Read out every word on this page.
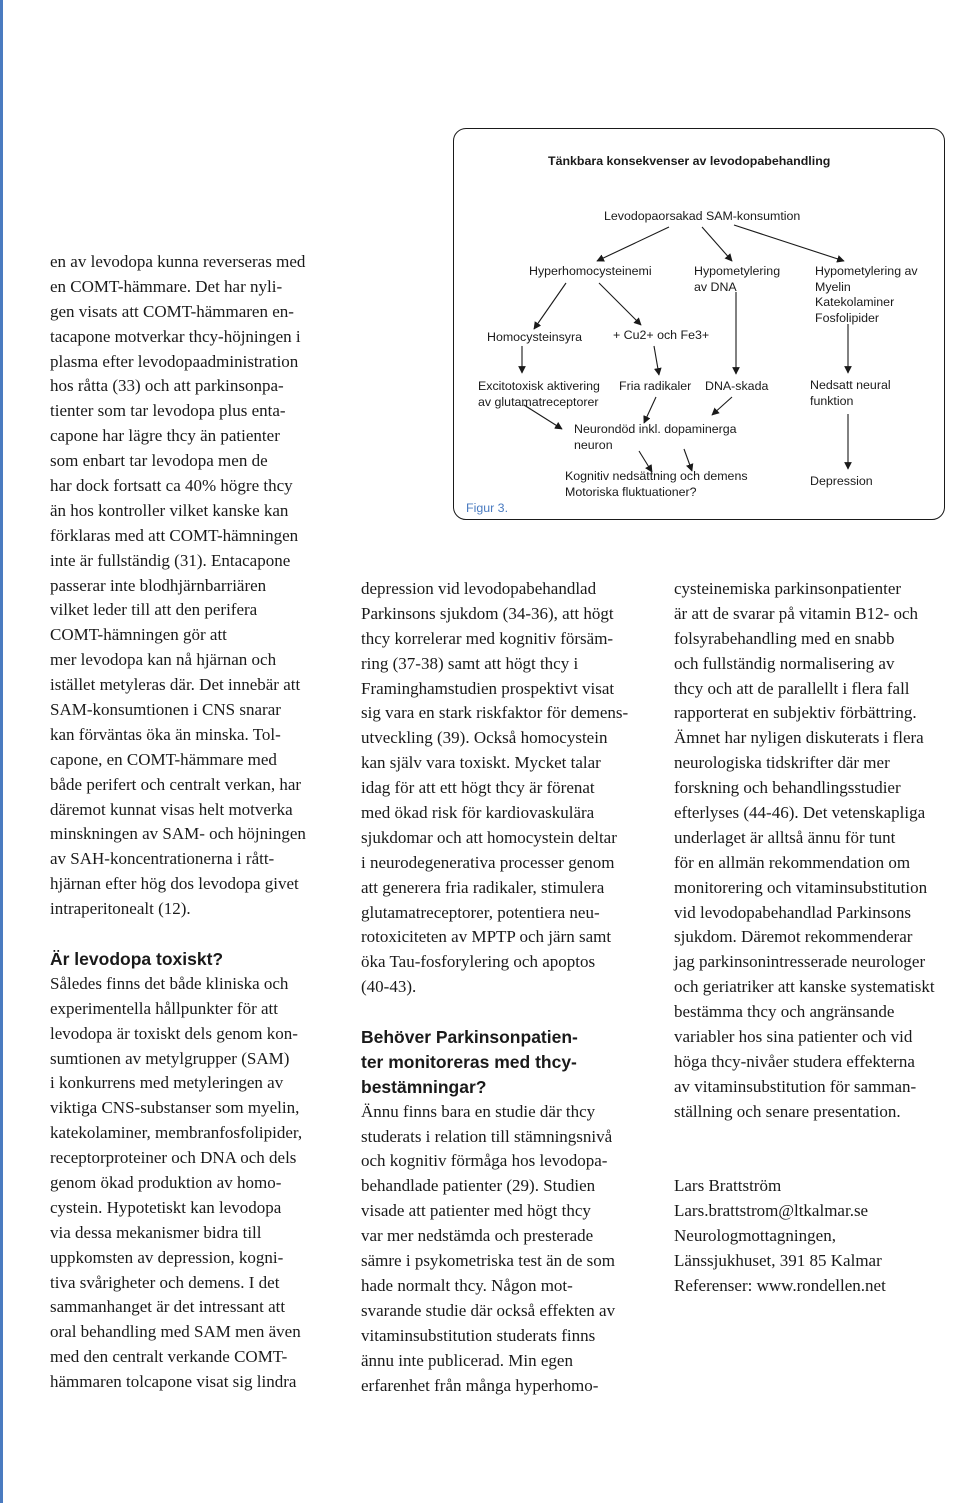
Tänkbara konsekvenser av levodopabehandling
Levodopaorsakad SAM-konsumtion
Hyperhomocysteinemi	Hypometylering
av DNA
Hypometylering av
Myelin
Katekolaminer
Fosfolipider
Homocysteinsyra + Cu2+ och Fe3+
Excitotoxisk aktivering
av glutamatreceptorer
Fria radikaler DNA-skada	Nedsatt neural
funktion
Neurondöd inkl. dopaminerga
neuron
Kognitiv nedsättning och demens
Motoriska fluktuationer?
Depression
Figur 3.
en av levodopa kunna reverseras med
en COMT-hämmare. Det har nyli-
gen visats att COMT-hämmaren en-
tacapone motverkar thcy-höjningen i
plasma efter levodopaadministration
hos råtta (33) och att parkinsonpa-
tienter som tar levodopa plus enta-
capone har lägre thcy än patienter
som enbart tar levodopa men de
har dock fortsatt ca 40% högre thcy
än hos kontroller vilket kanske kan
förklaras med att COMT-hämningen
inte är fullständig (31). Entacapone
passerar inte blodhjärnbarriären
vilket leder till att den perifera
COMT-hämningen gör att
mer levodopa kan nå hjärnan och
istället metyleras där. Det innebär att
SAM-konsumtionen i CNS snarar
kan förväntas öka än minska. Tol-
capone, en COMT-hämmare med
både perifert och centralt verkan, har
däremot kunnat visas helt motverka
minskningen av SAM- och höjningen
av SAH-koncentrationerna i rått-
hjärnan efter hög dos levodopa givet
intraperitonealt (12).
Är levodopa toxiskt?
Således finns det både kliniska och
experimentella hållpunkter för att
levodopa är toxiskt dels genom kon-
sumtionen av metylgrupper (SAM)
i konkurrens med metyleringen av
viktiga CNS-substanser som myelin,
katekolaminer, membranfosfolipider,
receptorproteiner och DNA och dels
genom ökad produktion av homo-
cystein. Hypotetiskt kan levodopa
via dessa mekanismer bidra till
uppkomsten av depression, kogni-
tiva svårigheter och demens. I det
sammanhanget är det intressant att
oral behandling med SAM men även
med den centralt verkande COMT-
hämmaren tolcapone visat sig lindra
depression vid levodopabehandlad
Parkinsons sjukdom (34-36), att högt
thcy korrelerar med kognitiv försäm-
ring (37-38) samt att högt thcy i
Framinghamstudien prospektivt visat
sig vara en stark riskfaktor för demens-
utveckling (39). Också homocystein
kan själv vara toxiskt. Mycket talar
idag för att ett högt thcy är förenat
med ökad risk för kardiovaskulära
sjukdomar och att homocystein deltar
i neurodegenerativa processer genom
att generera fria radikaler, stimulera
glutamatreceptorer, potentiera neu-
rotoxiciteten av MPTP och järn samt
öka Tau-fosforylering och apoptos
(40-43).
Behöver Parkinsonpatien-
ter monitoreras med thcy-
bestämningar?
Ännu finns bara en studie där thcy
studerats i relation till stämningsnivå
och kognitiv förmåga hos levodopa-
behandlade patienter (29). Studien
visade att patienter med högt thcy
var mer nedstämda och presterade
sämre i psykometriska test än de som
hade normalt thcy. Någon mot-
svarande studie där också effekten av
vitaminsubstitution studerats finns
ännu inte publicerad. Min egen
erfarenhet från många hyperhomo-
cysteinemiska parkinsonpatienter
är att de svarar på vitamin B12- och
folsyrabehandling med en snabb
och fullständig normalisering av
thcy och att de parallellt i flera fall
rapporterat en subjektiv förbättring.
Ämnet har nyligen diskuterats i flera
neurologiska tidskrifter där mer
forskning och behandlingsstudier
efterlyses (44-46). Det vetenskapliga
underlaget är alltså ännu för tunt
för en allmän rekommendation om
monitorering och vitaminsubstitution
vid levodopabehandlad Parkinsons
sjukdom. Däremot rekommenderar
jag parkinsonintresserade neurologer
och geriatriker att kanske systematiskt
bestämma thcy och angränsande
variabler hos sina patienter och vid
höga thcy-nivåer studera effekterna
av vitaminsubstitution för samman-
ställning och senare presentation.
Lars Brattström
Lars.brattstrom@ltkalmar.se
Neurologmottagningen,
Länssjukhuset, 391 85 Kalmar
Referenser: www.rondellen.net
